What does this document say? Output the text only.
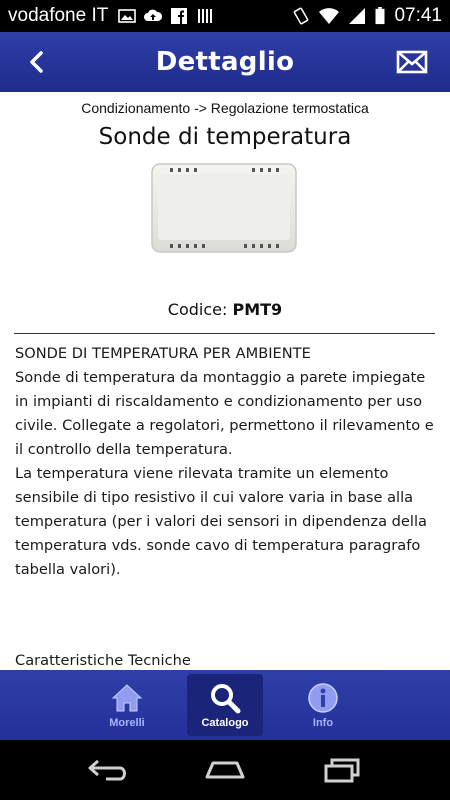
vodafone IT	07:41
Dettaglio
Condizionamento -> Regolazione termostatica
Sonde di temperatura
Codice: PMT9

SONDE DI TEMPERATURA PER AMBIENTE

Sonde di temperatura da montaggio a parete impiegate in impianti di riscaldamento e condizionamento per uso civile. Collegate a regolatori, permettono il rilevamento e il controllo della temperatura.

La temperatura viene rilevata tramite un elemento sensibile di tipo resistivo il cui valore varia in base alla temperatura (per i valori dei sensori in dipendenza della temperatura vds. sonde cavo di temperatura paragrafo tabella valori).

Caratteristiche Tecniche
Morelli	Catalogo	Info
